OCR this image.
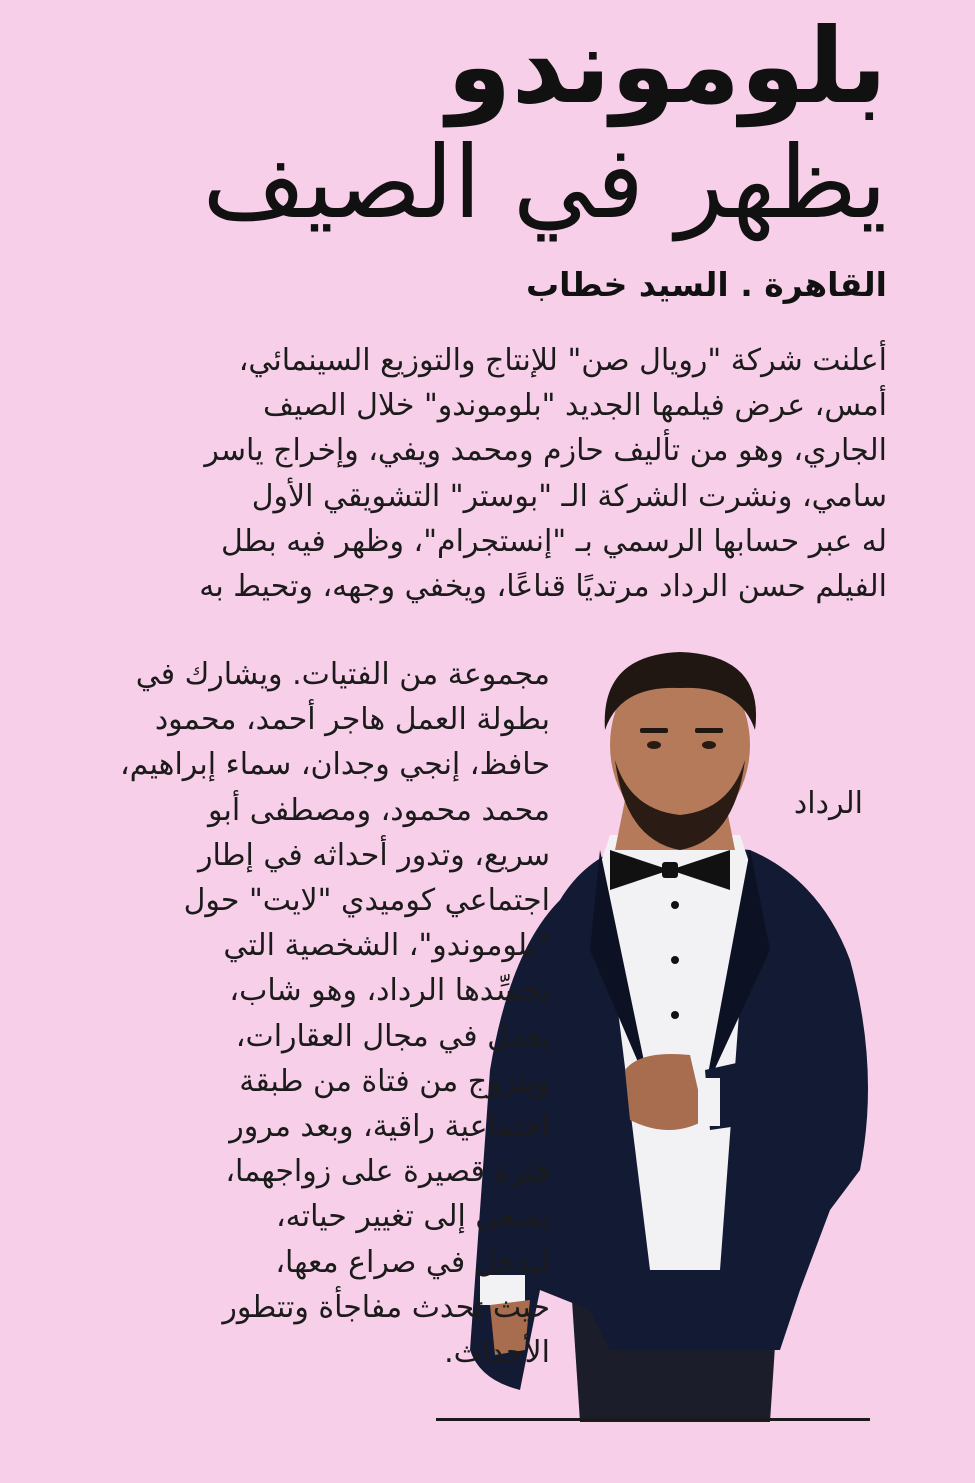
بلوموندو
يظهر في الصيف
القاهرة . السيد خطاب
أعلنت شركة "رويال صن" للإنتاج والتوزيع السينمائي،
أمس، عرض فيلمها الجديد "بلوموندو" خلال الصيف
الجاري، وهو من تأليف حازم ومحمد ويفي، وإخراج ياسر
سامي، ونشرت الشركة الـ "بوستر" التشويقي الأول
له عبر حسابها الرسمي بـ "إنستجرام"، وظهر فيه بطل
الفيلم حسن الرداد مرتديًا قناعًا، ويخفي وجهه، وتحيط به
الرداد
مجموعة من الفتيات. ويشارك في
بطولة العمل هاجر أحمد، محمود
حافظ، إنجي وجدان، سماء إبراهيم،
محمد محمود، ومصطفى أبو
سريع، وتدور أحداثه في إطار
اجتماعي كوميدي "لايت" حول
"بلوموندو"، الشخصية التي
يجسِّدها الرداد، وهو شاب،
يعمل في مجال العقارات،
ويتزوج من فتاة من طبقة
اجتماعية راقية، وبعد مرور
فترة قصيرة على زواجهما،
يسعى إلى تغيير حياته،
ليدخل في صراع معها،
حيث تحدث مفاجأة وتتطور
الأحداث.
